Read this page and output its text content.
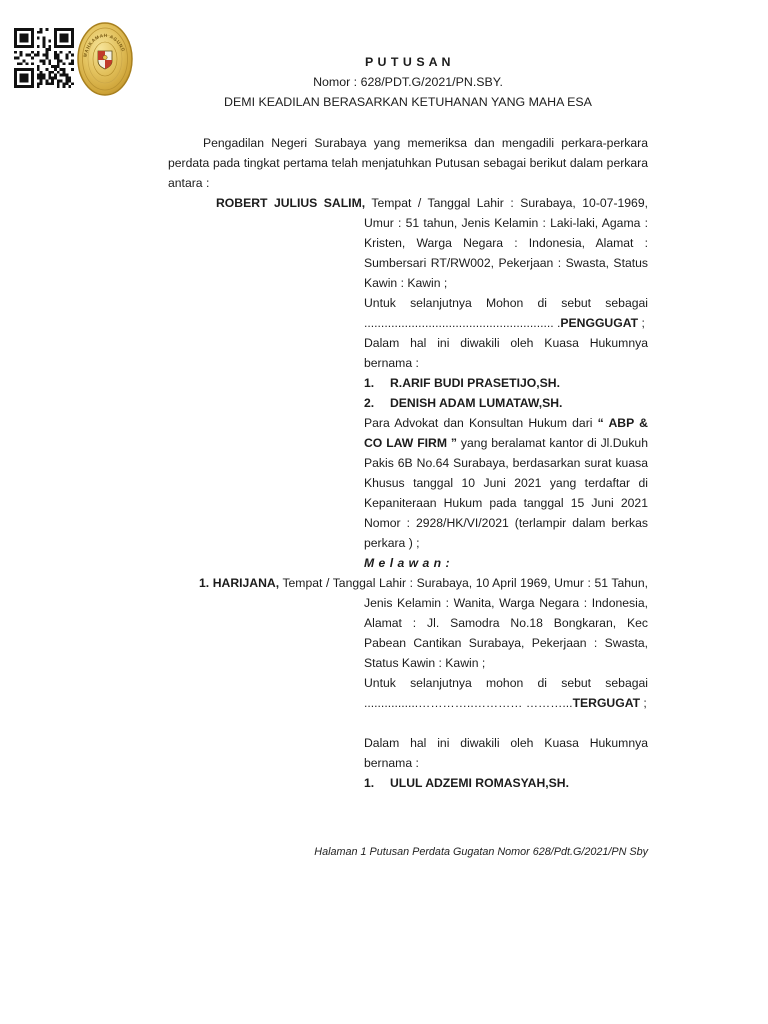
MAHKAMAH AGUNG
P U T U S A N
Nomor : 628/PDT.G/2021/PN.SBY.
DEMI KEADILAN BERASARKAN KETUHANAN YANG MAHA ESA
Pengadilan Negeri Surabaya yang memeriksa dan mengadili perkara-perkara perdata pada tingkat pertama telah menjatuhkan Putusan sebagai berikut dalam perkara antara :
ROBERT JULIUS SALIM, Tempat / Tanggal Lahir : Surabaya, 10-07-1969, Umur : 51 tahun, Jenis Kelamin : Laki-laki, Agama : Kristen, Warga Negara : Indonesia, Alamat : Sumbersari RT/RW002, Pekerjaan : Swasta, Status Kawin : Kawin ;
Untuk selanjutnya Mohon di sebut sebagai ........................................................ .PENGGUGAT ;
Dalam hal ini diwakili oleh Kuasa Hukumnya bernama :
1. R.ARIF BUDI PRASETIJO,SH.
2. DENISH ADAM LUMATAW,SH.
Para Advokat dan Konsultan Hukum dari “ ABP & CO LAW FIRM ” yang beralamat kantor di Jl.Dukuh Pakis 6B No.64 Surabaya, berdasarkan surat kuasa Khusus tanggal 10 Juni 2021 yang terdaftar di Kepaniteraan Hukum pada tanggal 15 Juni 2021 Nomor : 2928/HK/VI/2021 (terlampir dalam berkas perkara ) ;
M e l a w a n :
1. HARIJANA, Tempat / Tanggal Lahir : Surabaya, 10 April 1969, Umur : 51 Tahun, Jenis Kelamin : Wanita, Warga Negara : Indonesia, Alamat : Jl. Samodra No.18 Bongkaran, Kec Pabean Cantikan Surabaya, Pekerjaan : Swasta, Status Kawin : Kawin ;
Untuk selanjutnya mohon di sebut sebagai ................…………..………… ………...TERGUGAT ;
Dalam hal ini diwakili oleh Kuasa Hukumnya bernama :
1. ULUL ADZEMI ROMASYAH,SH.
Halaman 1 Putusan Perdata Gugatan Nomor 628/Pdt.G/2021/PN Sby
